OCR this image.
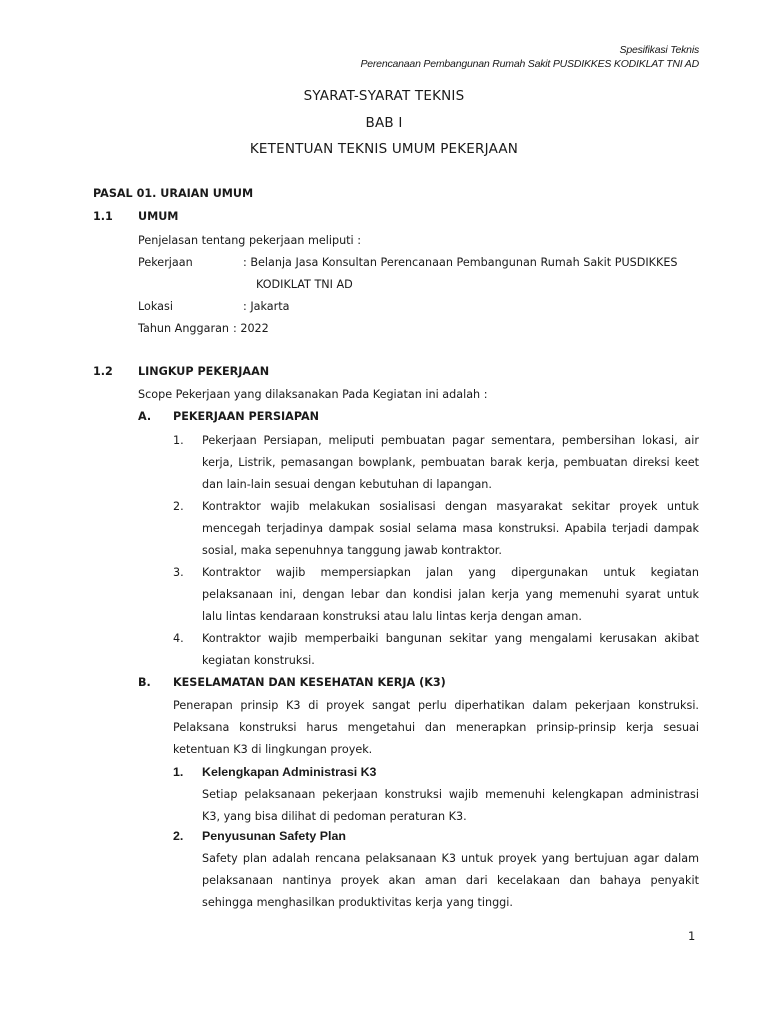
Spesifikasi Teknis
Perencanaan Pembangunan Rumah Sakit PUSDIKKES KODIKLAT TNI AD
SYARAT-SYARAT TEKNIS
BAB I
KETENTUAN TEKNIS UMUM PEKERJAAN
PASAL 01. URAIAN UMUM
1.1 UMUM
Penjelasan tentang pekerjaan meliputi :
Pekerjaan	: Belanja Jasa Konsultan Perencanaan Pembangunan Rumah Sakit PUSDIKKES
KODIKLAT TNI AD
Lokasi	: Jakarta
Tahun Anggaran : 2022
1.2 LINGKUP PEKERJAAN
Scope Pekerjaan yang dilaksanakan Pada Kegiatan ini adalah :
A. PEKERJAAN PERSIAPAN
1. Pekerjaan Persiapan, meliputi pembuatan pagar sementara, pembersihan lokasi, air
kerja, Listrik, pemasangan bowplank, pembuatan barak kerja, pembuatan direksi keet
dan lain-lain sesuai dengan kebutuhan di lapangan.
2. Kontraktor wajib melakukan sosialisasi dengan masyarakat sekitar proyek untuk
mencegah terjadinya dampak sosial selama masa konstruksi. Apabila terjadi dampak
sosial, maka sepenuhnya tanggung jawab kontraktor.
3. Kontraktor wajib mempersiapkan jalan yang dipergunakan untuk kegiatan
pelaksanaan ini, dengan lebar dan kondisi jalan kerja yang memenuhi syarat untuk
lalu lintas kendaraan konstruksi atau lalu lintas kerja dengan aman.
4. Kontraktor wajib memperbaiki bangunan sekitar yang mengalami kerusakan akibat
kegiatan konstruksi.
B. KESELAMATAN DAN KESEHATAN KERJA (K3)
Penerapan prinsip K3 di proyek sangat perlu diperhatikan dalam pekerjaan konstruksi.
Pelaksana konstruksi harus mengetahui dan menerapkan prinsip-prinsip kerja sesuai
ketentuan K3 di lingkungan proyek.
1. Kelengkapan Administrasi K3
Setiap pelaksanaan pekerjaan konstruksi wajib memenuhi kelengkapan administrasi
K3, yang bisa dilihat di pedoman peraturan K3.
2. Penyusunan Safety Plan
Safety plan adalah rencana pelaksanaan K3 untuk proyek yang bertujuan agar dalam
pelaksanaan nantinya proyek akan aman dari kecelakaan dan bahaya penyakit
sehingga menghasilkan produktivitas kerja yang tinggi.
1
